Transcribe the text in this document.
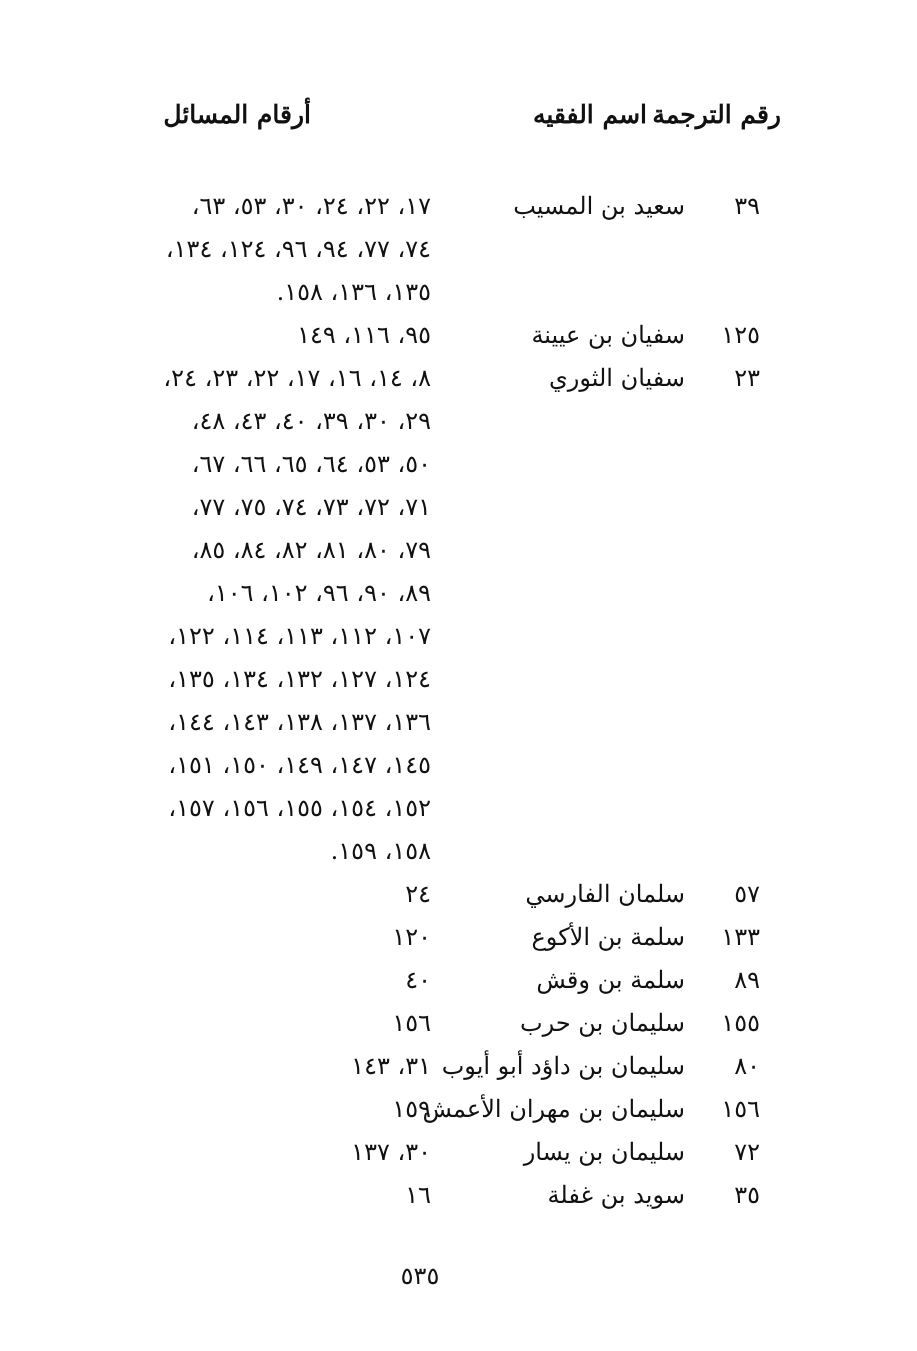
رقم الترجمة
اسم الفقيه
أرقام المسائل
٣٩
سعيد بن المسيب
١٧، ٢٢، ٢٤، ٣٠، ٥٣، ٦٣،
٧٤، ٧٧، ٩٤، ٩٦، ١٢٤، ١٣٤،
١٣٥، ١٣٦، ١٥٨.
١٢٥
سفيان بن عيينة
٩٥، ١١٦، ١٤٩
٢٣
سفيان الثوري
٨، ١٤، ١٦، ١٧، ٢٢، ٢٣، ٢٤،
٢٩، ٣٠، ٣٩، ٤٠، ٤٣، ٤٨،
٥٠، ٥٣، ٦٤، ٦٥، ٦٦، ٦٧،
٧١، ٧٢، ٧٣، ٧٤، ٧٥، ٧٧،
٧٩، ٨٠، ٨١، ٨٢، ٨٤، ٨٥،
٨٩، ٩٠، ٩٦، ١٠٢، ١٠٦،
١٠٧، ١١٢، ١١٣، ١١٤، ١٢٢،
١٢٤، ١٢٧، ١٣٢، ١٣٤، ١٣٥،
١٣٦، ١٣٧، ١٣٨، ١٤٣، ١٤٤،
١٤٥، ١٤٧، ١٤٩، ١٥٠، ١٥١،
١٥٢، ١٥٤، ١٥٥، ١٥٦، ١٥٧،
١٥٨، ١٥٩.
٥٧
سلمان الفارسي
٢٤
١٣٣
سلمة بن الأكوع
١٢٠
٨٩
سلمة بن وقش
٤٠
١٥٥
سليمان بن حرب
١٥٦
٨٠
سليمان بن داؤد أبو أيوب
٣١، ١٤٣
١٥٦
سليمان بن مهران الأعمش
١٥٩
٧٢
سليمان بن يسار
٣٠، ١٣٧
٣٥
سويد بن غفلة
١٦
٥٣٥
